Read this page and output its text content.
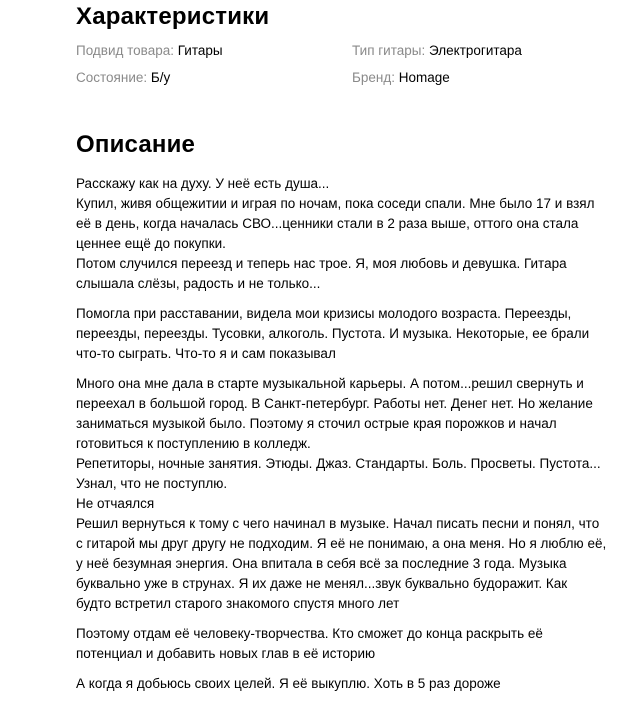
Характеристики
Подвид товара: Гитары	Тип гитары: Электрогитара
Состояние: Б/у	Бренд: Homage
Описание

Расскажу как на духу. У неё есть душа...
Купил, живя общежитии и играя по ночам, пока соседи спали. Мне было 17 и взял
её в день, когда началась СВО...ценники стали в 2 раза выше, оттого она стала
ценнее ещё до покупки.
Потом случился переезд и теперь нас трое. Я, моя любовь и девушка. Гитара
слышала слёзы, радость и не только...

Помогла при расставании, видела мои кризисы молодого возраста. Переезды,
переезды, переезды. Тусовки, алкоголь. Пустота. И музыка. Некоторые, ее брали
что-то сыграть. Что-то я и сам показывал

Много она мне дала в старте музыкальной карьеры. А потом...решил свернуть и
переехал в большой город. В Санкт-петербург. Работы нет. Денег нет. Но желание
заниматься музыкой было. Поэтому я сточил острые края порожков и начал
готовиться к поступлению в колледж.
Репетиторы, ночные занятия. Этюды. Джаз. Стандарты. Боль. Просветы. Пустота...
Узнал, что не поступлю.
Не отчаялся
Решил вернуться к тому с чего начинал в музыке. Начал писать песни и понял, что
с гитарой мы друг другу не подходим. Я её не понимаю, а она меня. Но я люблю её,
у неё безумная энергия. Она впитала в себя всё за последние 3 года. Музыка
буквально уже в струнах. Я их даже не менял...звук буквально будоражит. Как
будто встретил старого знакомого спустя много лет

Поэтому отдам её человеку-творчества. Кто сможет до конца раскрыть её
потенциал и добавить новых глав в её историю

А когда я добьюсь своих целей. Я её выкуплю. Хоть в 5 раз дороже
